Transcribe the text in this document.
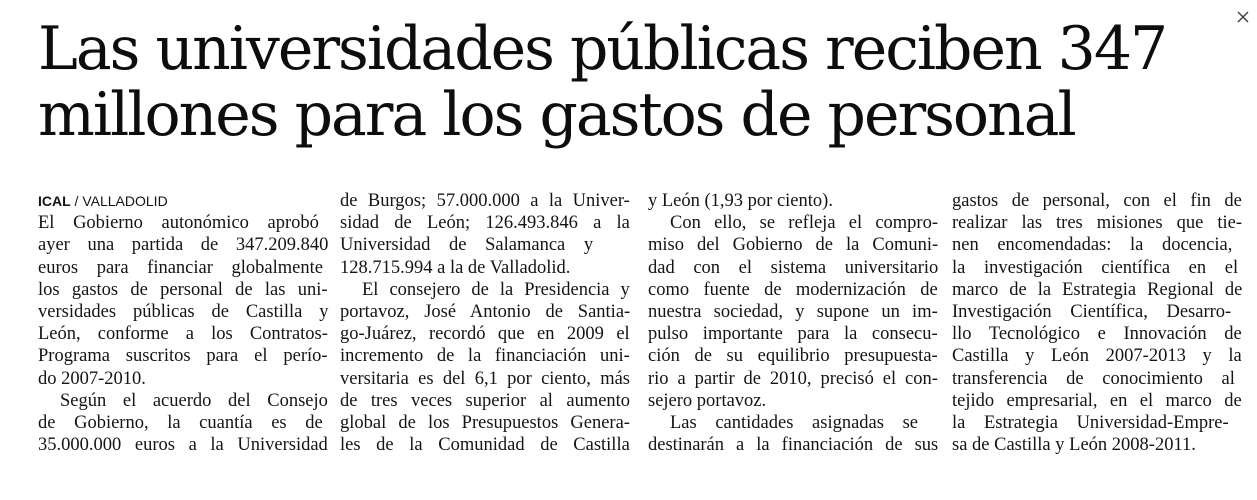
Las universidades públicas reciben 347
millones para los gastos de personal
ICAL / VALLADOLID
El Gobierno autonómico aprobó
ayer una partida de 347.209.840
euros para financiar globalmente
los gastos de personal de las uni-
versidades públicas de Castilla y
León, conforme a los Contratos-
Programa suscritos para el perío-
do 2007-2010.
Según el acuerdo del Consejo
de Gobierno, la cuantía es de
35.000.000 euros a la Universidad
de Burgos; 57.000.000 a la Univer-
sidad de León; 126.493.846 a la
Universidad de Salamanca y
128.715.994 a la de Valladolid.
El consejero de la Presidencia y
portavoz, José Antonio de Santia-
go-Juárez, recordó que en 2009 el
incremento de la financiación uni-
versitaria es del 6,1 por ciento, más
de tres veces superior al aumento
global de los Presupuestos Genera-
les de la Comunidad de Castilla
y León (1,93 por ciento).
Con ello, se refleja el compro-
miso del Gobierno de la Comuni-
dad con el sistema universitario
como fuente de modernización de
nuestra sociedad, y supone un im-
pulso importante para la consecu-
ción de su equilibrio presupuesta-
rio a partir de 2010, precisó el con-
sejero portavoz.
Las cantidades asignadas se
destinarán a la financiación de sus
gastos de personal, con el fin de
realizar las tres misiones que tie-
nen encomendadas: la docencia,
la investigación científica en el
marco de la Estrategia Regional de
Investigación Científica, Desarro-
llo Tecnológico e Innovación de
Castilla y León 2007-2013 y la
transferencia de conocimiento al
tejido empresarial, en el marco de
la Estrategia Universidad-Empre-
sa de Castilla y León 2008-2011.
